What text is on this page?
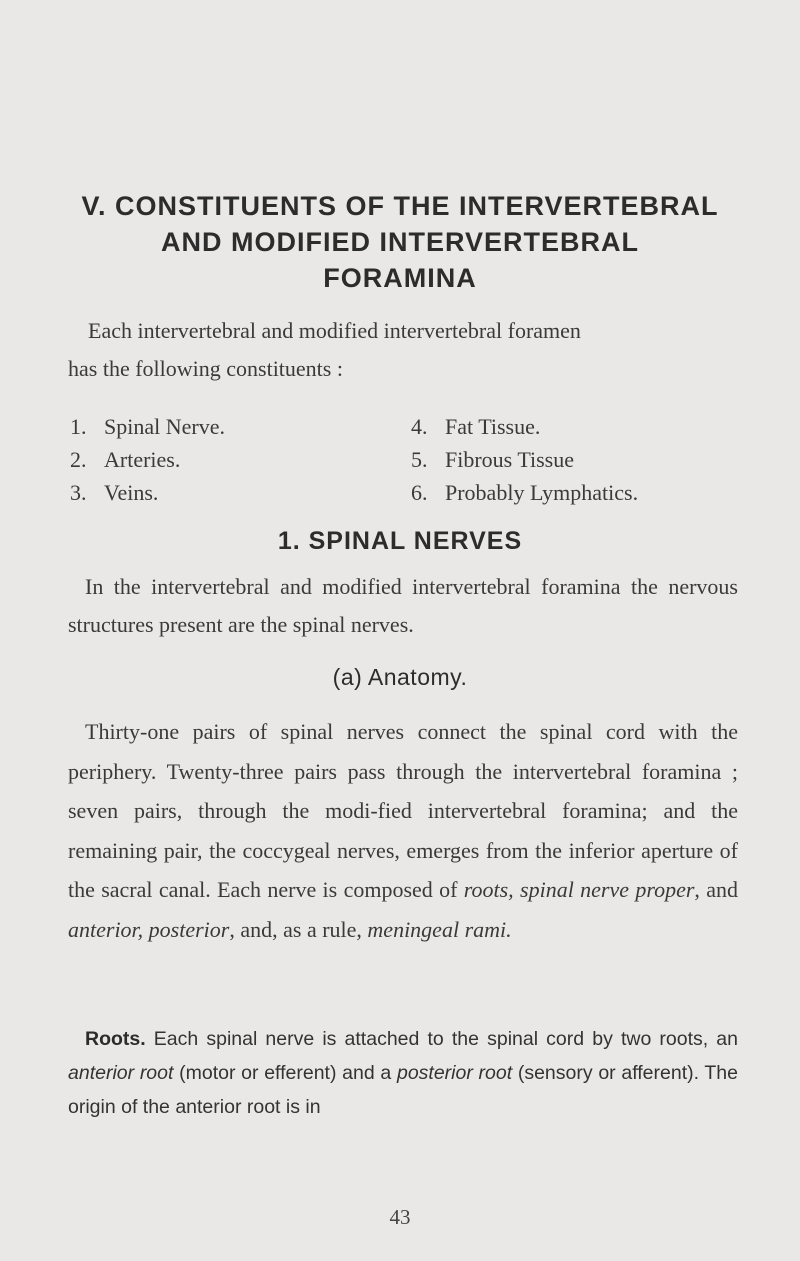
V. CONSTITUENTS OF THE INTERVERTEBRAL
AND MODIFIED INTERVERTEBRAL
FORAMINA
Each intervertebral and modified intervertebral foramen
has the following constituents :
1. Spinal Nerve.
2. Arteries.
3. Veins.
4. Fat Tissue.
5. Fibrous Tissue
6. Probably Lymphatics.
1. SPINAL NERVES
In the intervertebral and modified intervertebral foramina the nervous structures present are the spinal nerves.
(a) Anatomy.
Thirty-one pairs of spinal nerves connect the spinal cord with the periphery. Twenty-three pairs pass through the intervertebral foramina ; seven pairs, through the modi-fied intervertebral foramina; and the remaining pair, the coccygeal nerves, emerges from the inferior aperture of the sacral canal. Each nerve is composed of roots, spinal nerve proper, and anterior, posterior, and, as a rule, meningeal rami.
Roots. Each spinal nerve is attached to the spinal cord by two roots, an anterior root (motor or efferent) and a posterior root (sensory or afferent). The origin of the anterior root is in
43
